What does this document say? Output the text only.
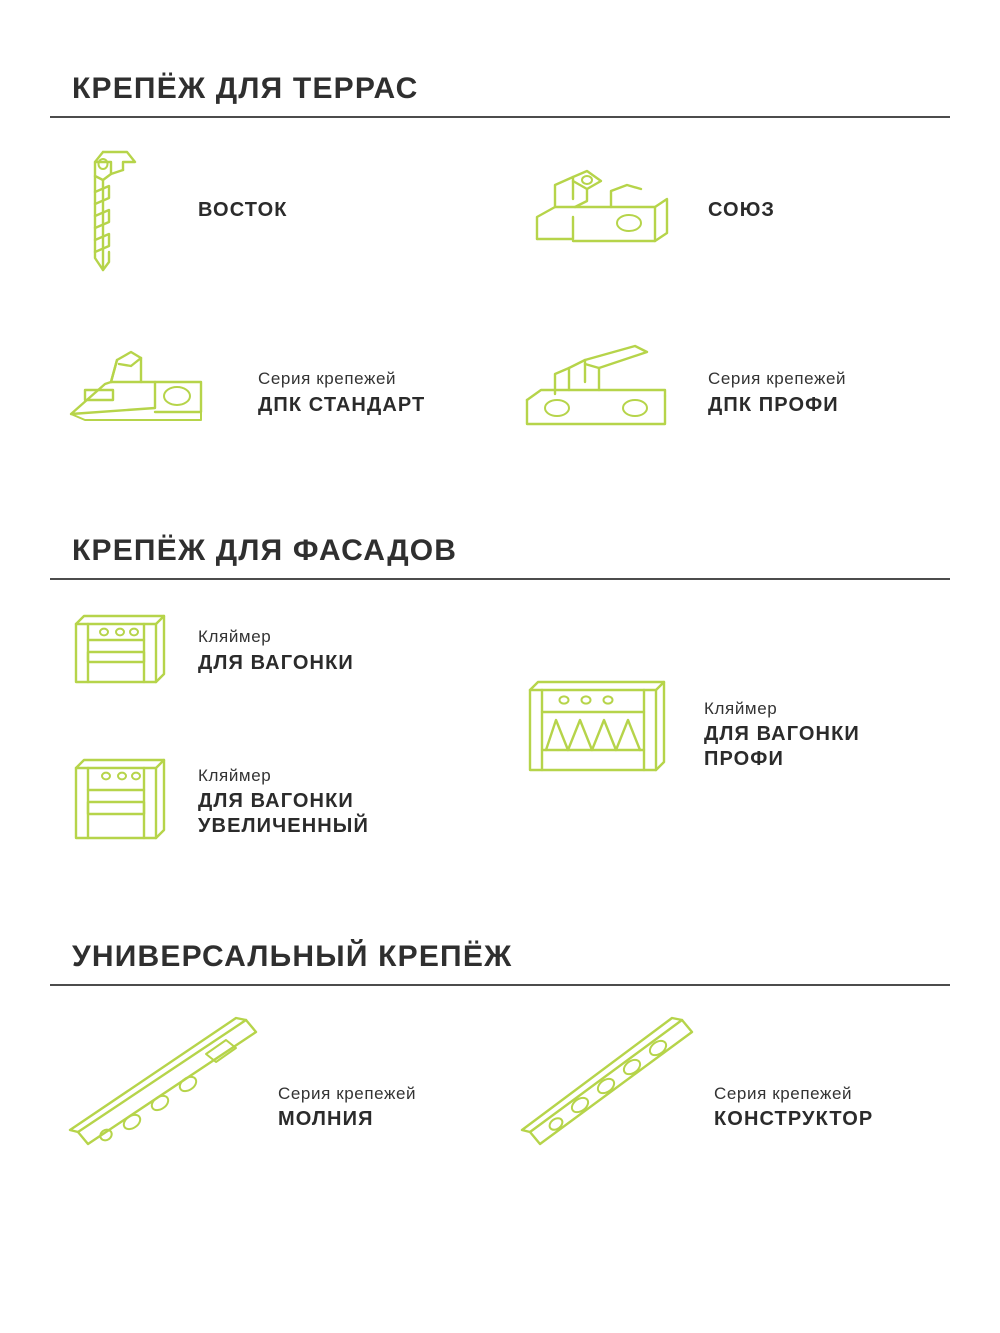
КРЕПЁЖ ДЛЯ ТЕРРАС
ВОСТОК	СОЮЗ
Серия крепежей
ДПК СТАНДАРТ
Серия крепежей
ДПК ПРОФИ
КРЕПЁЖ ДЛЯ ФАСАДОВ
Кляймер
ДЛЯ ВАГОНКИ
Кляймер
ДЛЯ ВАГОНКИ
УВЕЛИЧЕННЫЙ
Кляймер
ДЛЯ ВАГОНКИ
ПРОФИ
УНИВЕРСАЛЬНЫЙ КРЕПЁЖ
Серия крепежей
МОЛНИЯ
Серия крепежей
КОНСТРУКТОР
